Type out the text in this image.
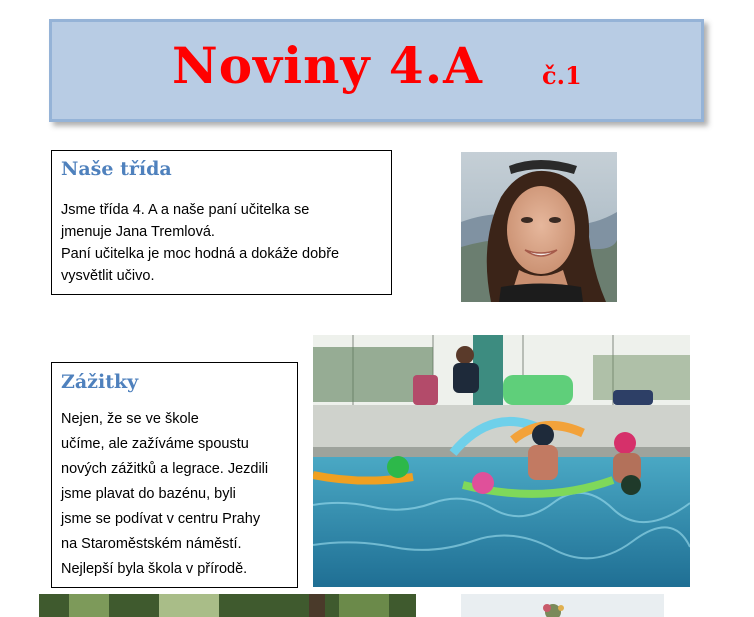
Noviny 4.A č.1
Naše třída

Jsme třída 4. A a naše paní učitelka se
jmenuje Jana Tremlová.
Paní učitelka je moc hodná a dokáže dobře
vysvětlit učivo.

Zážitky

Nejen, že se ve škole
učíme, ale zažíváme spoustu
nových zážitků a legrace. Jezdili
jsme plavat do bazénu, byli
jsme se podívat v centru Prahy
na Staroměstském náměstí.
Nejlepší byla škola v přírodě.
